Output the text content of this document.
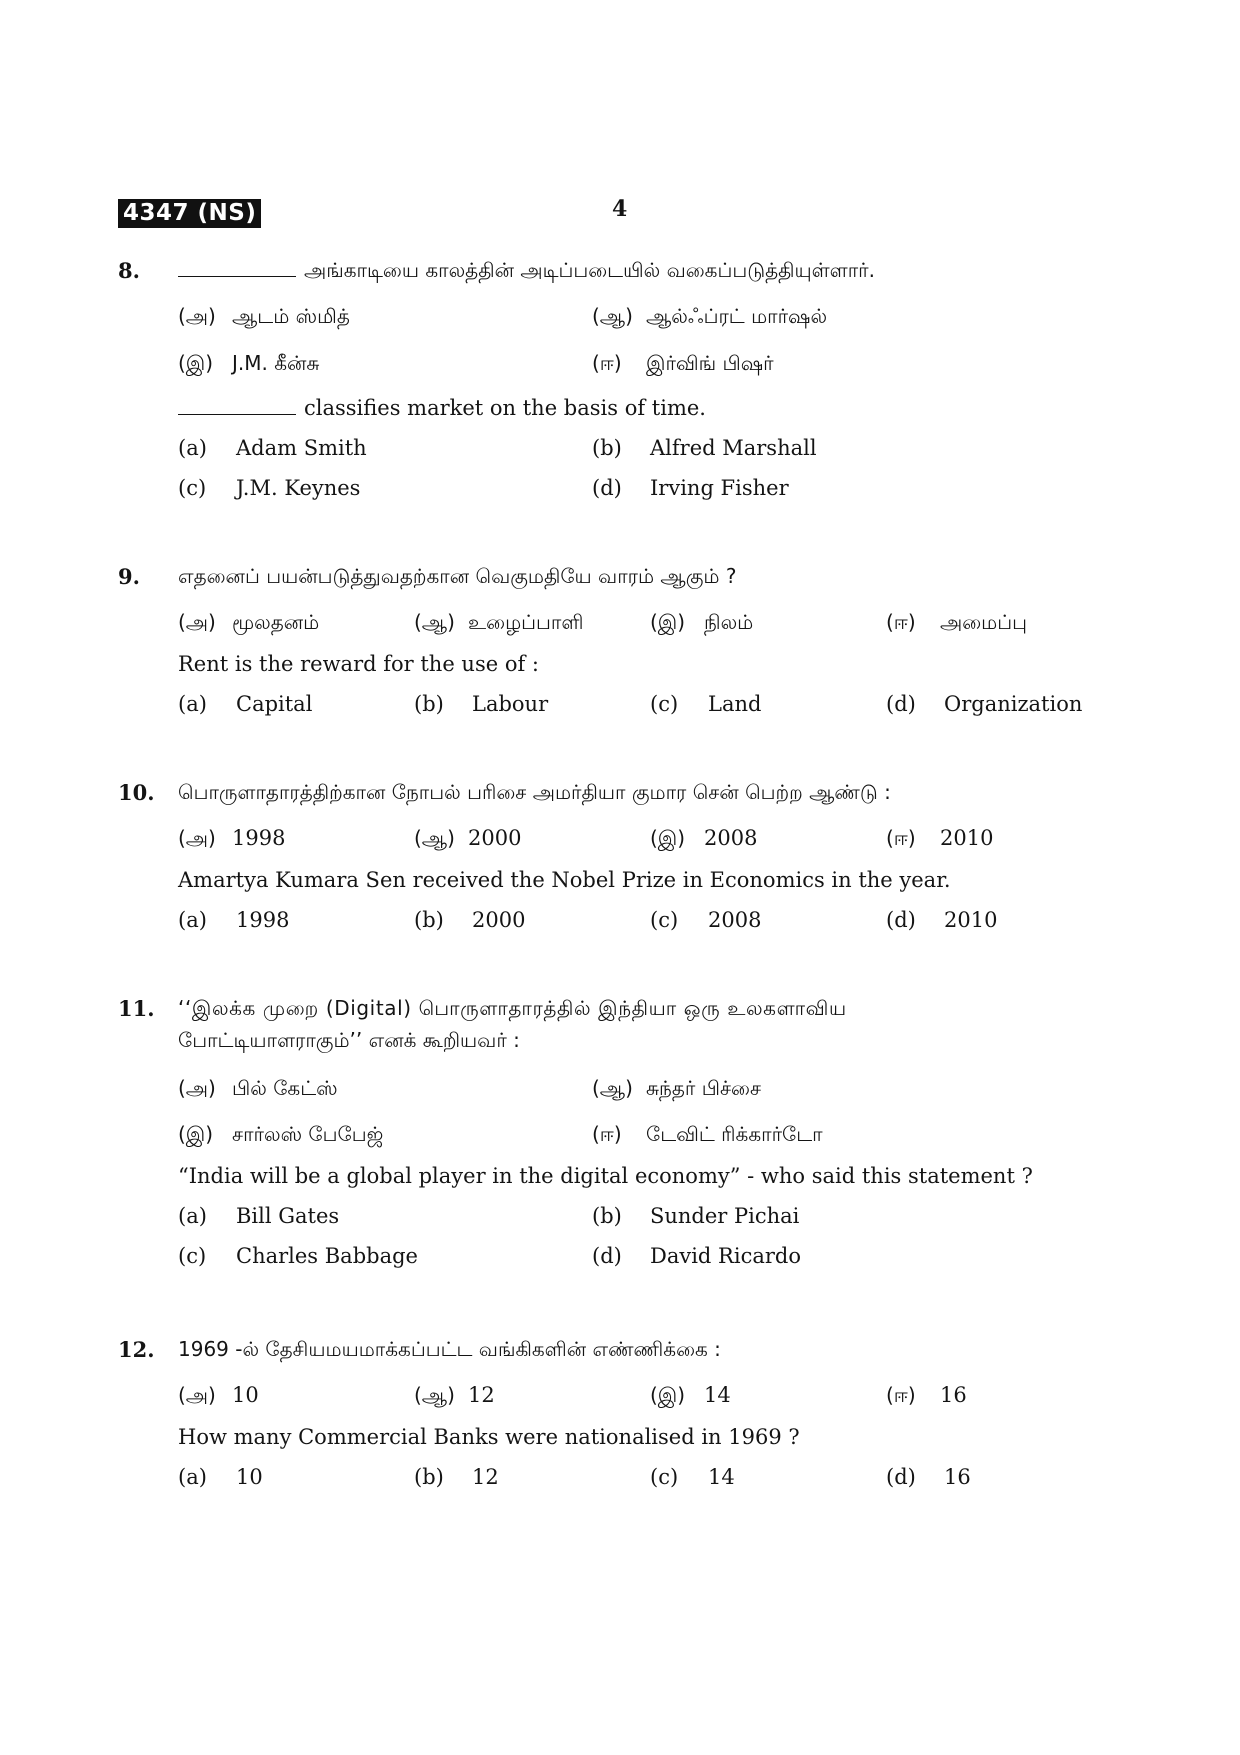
4347 (NS)	4
8.	அங்காடியை காலத்தின் அடிப்படையில் வகைப்படுத்தியுள்ளார்.
(அ) ஆடம் ஸ்மித்	(ஆ) ஆல்ஃப்ரட் மார்ஷல்
(இ) J.M. கீன்சு	(ஈ) இர்விங் பிஷர்
classifies market on the basis of time.
(a) Adam Smith	(b) Alfred Marshall
(c) J.M. Keynes	(d) Irving Fisher
9. எதனைப் பயன்படுத்துவதற்கான வெகுமதியே வாரம் ஆகும் ?
(அ) மூலதனம்	(ஆ) உழைப்பாளி	(இ) நிலம்	(ஈ) அமைப்பு
Rent is the reward for the use of :
(a) Capital	(b) Labour	(c) Land	(d) Organization
10. பொருளாதாரத்திற்கான நோபல் பரிசை அமர்தியா குமார சென் பெற்ற ஆண்டு :
(அ) 1998	(ஆ) 2000	(இ) 2008	(ஈ) 2010
Amartya Kumara Sen received the Nobel Prize in Economics in the year.
(a) 1998	(b) 2000	(c) 2008	(d) 2010
11. ‘‘இலக்க முறை (Digital) பொருளாதாரத்தில் இந்தியா ஒரு உலகளாவிய
போட்டியாளராகும்’’ எனக் கூறியவர் :
(அ) பில் கேட்ஸ்	(ஆ) சுந்தர் பிச்சை
(இ) சார்லஸ் பேபேஜ்	(ஈ) டேவிட் ரிக்கார்டோ
“India will be a global player in the digital economy” - who said this statement ?
(a) Bill Gates	(b) Sunder Pichai
(c) Charles Babbage	(d) David Ricardo
12. 1969 -ல் தேசியமயமாக்கப்பட்ட வங்கிகளின் எண்ணிக்கை :
(அ) 10	(ஆ) 12	(இ) 14	(ஈ) 16
How many Commercial Banks were nationalised in 1969 ?
(a) 10	(b) 12	(c) 14	(d) 16
